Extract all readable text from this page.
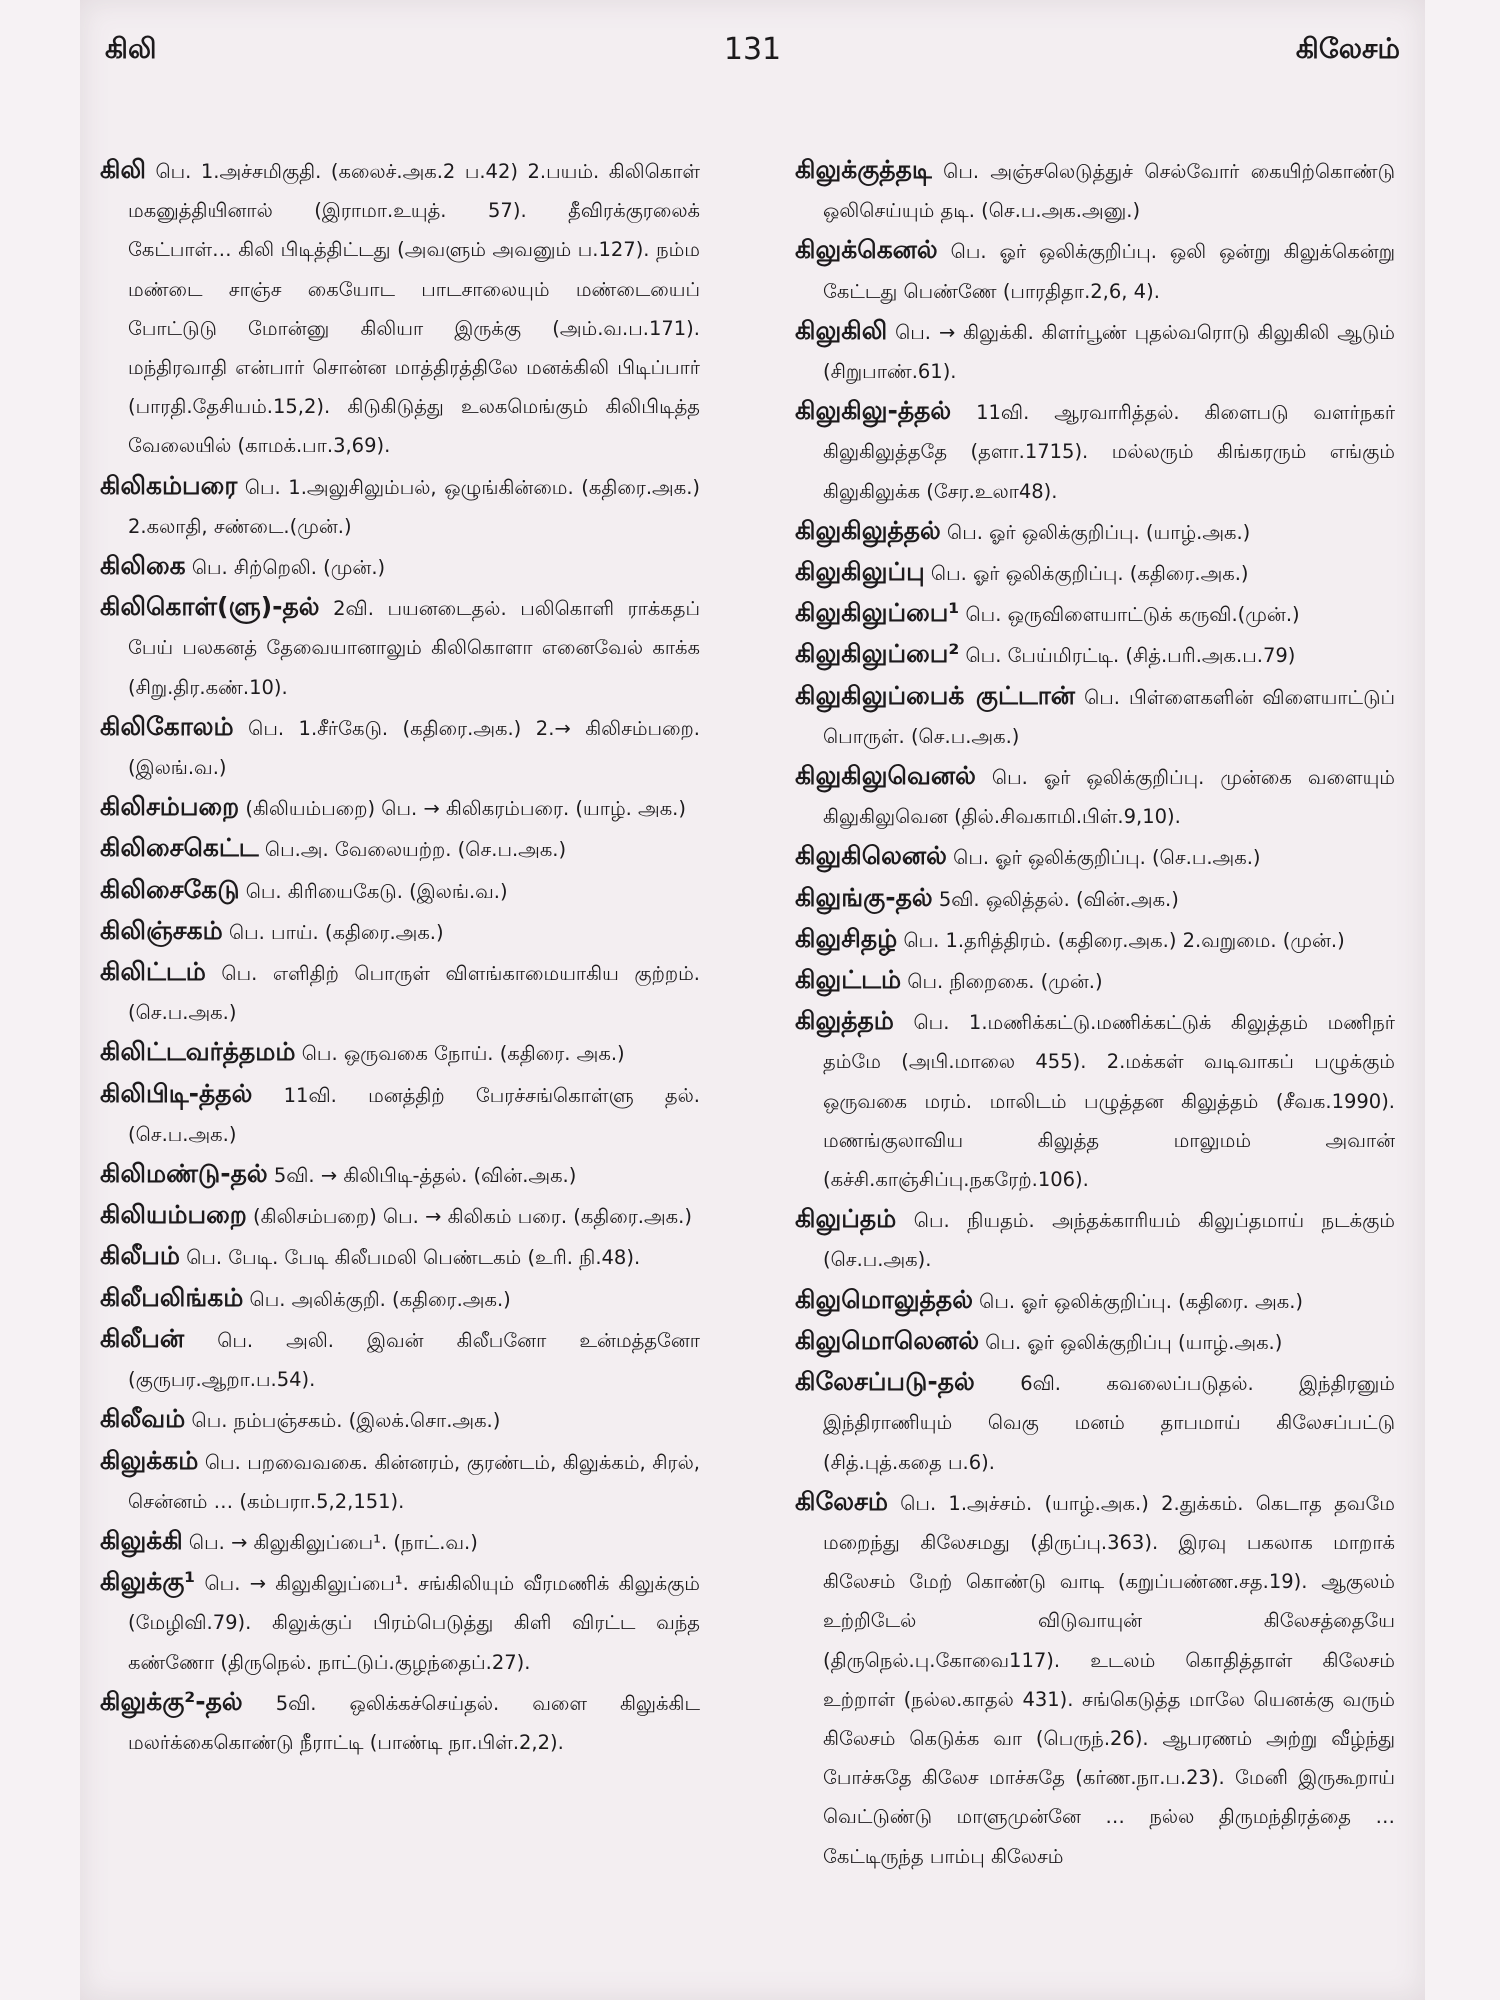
கிலி	131	கிலேசம்

கிலி பெ. 1.அச்சமிகுதி. (கலைச்.அக.2 ப.42) 2.பயம். கிலிகொள் மகனுத்தியினால் (இராமா.உயுத். 57). தீவிரக்குரலைக் கேட்பாள்… கிலி பிடித்திட்டது (அவளும் அவனும் ப.127). நம்ம மண்டை சாஞ்ச கையோட பாடசாலையும் மண்டையைப் போட்டுடு மோன்னு கிலியா இருக்கு (அம்.வ.ப.171). மந்திரவாதி என்பார் சொன்ன மாத்திரத்திலே மனக்கிலி பிடிப்பார் (பாரதி.தேசியம்.15,2). கிடுகிடுத்து உலகமெங்கும் கிலிபிடித்த வேலையில் (காமக்.பா.3,69).

கிலிகம்பரை பெ. 1.அலுசிலும்பல், ஒழுங்கின்மை. (கதிரை.அக.) 2.கலாதி, சண்டை.(முன்.)

கிலிகை பெ. சிற்றெலி. (முன்.)

கிலிகொள்(ளு)-தல் 2வி. பயனடைதல். பலிகொளி ராக்கதப் பேய் பலகனத் தேவையானாலும் கிலிகொளா எனைவேல் காக்க (சிறு.திர.கண்.10).

கிலிகோலம் பெ. 1.சீர்கேடு. (கதிரை.அக.) 2.→ கிலிசம்பறை. (இலங்.வ.)

கிலிசம்பறை (கிலியம்பறை) பெ. → கிலிகரம்பரை. (யாழ். அக.)

கிலிசைகெட்ட பெ.அ. வேலையற்ற. (செ.ப.அக.)

கிலிசைகேடு பெ. கிரியைகேடு. (இலங்.வ.)

கிலிஞ்சகம் பெ. பாய். (கதிரை.அக.)

கிலிட்டம் பெ. எளிதிற் பொருள் விளங்காமையாகிய குற்றம். (செ.ப.அக.)

கிலிட்டவர்த்தமம் பெ. ஒருவகை நோய். (கதிரை. அக.)

கிலிபிடி-த்தல் 11வி. மனத்திற் பேரச்சங்கொள்ளு தல். (செ.ப.அக.)

கிலிமண்டு-தல் 5வி. → கிலிபிடி-த்தல். (வின்.அக.)

கிலியம்பறை (கிலிசம்பறை) பெ. → கிலிகம் பரை. (கதிரை.அக.)

கிலீபம் பெ. பேடி. பேடி கிலீபமலி பெண்டகம் (உரி. நி.48).

கிலீபலிங்கம் பெ. அலிக்குறி. (கதிரை.அக.)

கிலீபன் பெ. அலி. இவன் கிலீபனோ உன்மத்தனோ (குருபர.ஆறா.ப.54).

கிலீவம் பெ. நம்பஞ்சகம். (இலக்.சொ.அக.)

கிலுக்கம் பெ. பறவைவகை. கின்னரம், குரண்டம், கிலுக்கம், சிரல், சென்னம் … (கம்பரா.5,2,151).

கிலுக்கி பெ. → கிலுகிலுப்பை¹. (நாட்.வ.)

கிலுக்கு¹ பெ. → கிலுகிலுப்பை¹. சங்கிலியும் வீரமணிக் கிலுக்கும் (மேழிவி.79). கிலுக்குப் பிரம்பெடுத்து கிளி விரட்ட வந்த கண்ணோ (திருநெல். நாட்டுப்.குழந்தைப்.27).

கிலுக்கு²-தல் 5வி. ஒலிக்கச்செய்தல். வளை கிலுக்கிட மலர்க்கைகொண்டு நீராட்டி (பாண்டி நா.பிள்.2,2).

கிலுக்குத்தடி பெ. அஞ்சலெடுத்துச் செல்வோர் கையிற்கொண்டு ஒலிசெய்யும் தடி. (செ.ப.அக.அனு.)

கிலுக்கெனல் பெ. ஓர் ஒலிக்குறிப்பு. ஒலி ஒன்று கிலுக்கென்று கேட்டது பெண்ணே (பாரதிதா.2,6, 4).

கிலுகிலி பெ. → கிலுக்கி. கிளர்பூண் புதல்வரொடு கிலுகிலி ஆடும் (சிறுபாண்.61).

கிலுகிலு-த்தல் 11வி. ஆரவாரித்தல். கிளைபடு வளர்நகர் கிலுகிலுத்ததே (தளா.1715). மல்லரும் கிங்கரரும் எங்கும் கிலுகிலுக்க (சேர.உலா48).

கிலுகிலுத்தல் பெ. ஓர் ஒலிக்குறிப்பு. (யாழ்.அக.)

கிலுகிலுப்பு பெ. ஓர் ஒலிக்குறிப்பு. (கதிரை.அக.)

கிலுகிலுப்பை¹ பெ. ஒருவிளையாட்டுக் கருவி.(முன்.)

கிலுகிலுப்பை² பெ. பேய்மிரட்டி. (சித்.பரி.அக.ப.79)

கிலுகிலுப்பைக் குட்டான் பெ. பிள்ளைகளின் விளையாட்டுப் பொருள். (செ.ப.அக.)

கிலுகிலுவெனல் பெ. ஓர் ஒலிக்குறிப்பு. முன்கை வளையும் கிலுகிலுவென (தில்.சிவகாமி.பிள்.9,10).

கிலுகிலெனல் பெ. ஓர் ஒலிக்குறிப்பு. (செ.ப.அக.)

கிலுங்கு-தல் 5வி. ஒலித்தல். (வின்.அக.)

கிலுசிதழ் பெ. 1.தரித்திரம். (கதிரை.அக.) 2.வறுமை. (முன்.)

கிலுட்டம் பெ. நிறைகை. (முன்.)

கிலுத்தம் பெ. 1.மணிக்கட்டு.மணிக்கட்டுக் கிலுத்தம் மணிநர் தம்மே (அபி.மாலை 455). 2.மக்கள் வடிவாகப் பழுக்கும் ஒருவகை மரம். மாலிடம் பழுத்தன கிலுத்தம் (சீவக.1990). மணங்குலாவிய கிலுத்த மாலுமம் அவான் (கச்சி.காஞ்சிப்பு.நகரேற்.106).

கிலுப்தம் பெ. நியதம். அந்தக்காரியம் கிலுப்தமாய் நடக்கும் (செ.ப.அக).

கிலுமொலுத்தல் பெ. ஓர் ஒலிக்குறிப்பு. (கதிரை. அக.)

கிலுமொலெனல் பெ. ஓர் ஒலிக்குறிப்பு (யாழ்.அக.)

கிலேசப்படு-தல் 6வி. கவலைப்படுதல். இந்திரனும் இந்திராணியும் வெகு மனம் தாபமாய் கிலேசப்பட்டு (சித்.புத்.கதை ப.6).

கிலேசம் பெ. 1.அச்சம். (யாழ்.அக.) 2.துக்கம். கெடாத தவமே மறைந்து கிலேசமது (திருப்பு.363). இரவு பகலாக மாறாக் கிலேசம் மேற் கொண்டு வாடி (கறுப்பண்ண.சத.19). ஆகுலம் உற்றிடேல் விடுவாயுன் கிலேசத்தையே (திருநெல்.பு.கோவை117). உடலம் கொதித்தாள் கிலேசம் உற்றாள் (நல்ல.காதல் 431). சங்கெடுத்த மாலே யெனக்கு வரும் கிலேசம் கெடுக்க வா (பெருந்.26). ஆபரணம் அற்று வீழ்ந்து போச்சுதே கிலேச மாச்சுதே (கர்ண.நா.ப.23). மேனி இருகூறாய் வெட்டுண்டு மாளுமுன்னே … நல்ல திருமந்திரத்தை … கேட்டிருந்த பாம்பு கிலேசம்
